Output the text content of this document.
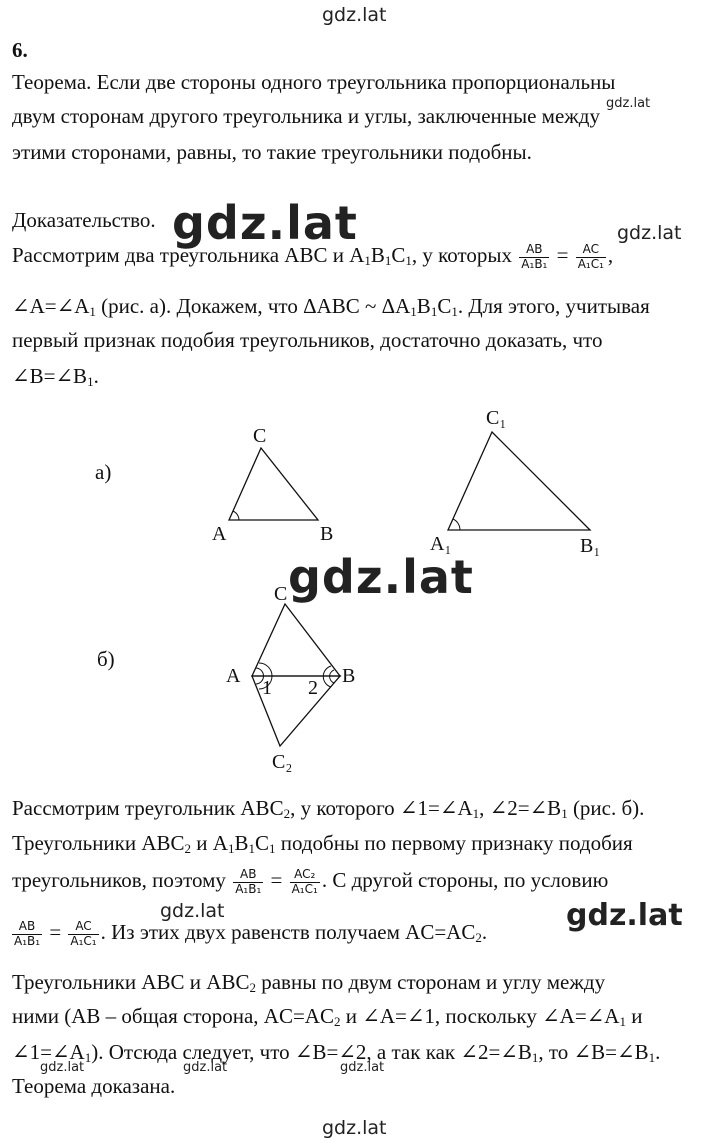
gdz.lat
gdz.lat
gdz.lat	gdz.lat
gdz.lat
gdz.lat	gdz.lat
gdz.lat	gdz.lat	gdz.lat
gdz.lat
6.
Теорема. Если две стороны одного треугольника пропорциональны
двум сторонам другого треугольника и углы, заключенные между
этими сторонами, равны, то такие треугольники подобны.
Доказательство.
Рассмотрим два треугольника ABC и $A_1B_1C_1$, у которых $\frac{AB}{\text{A₁B₁}} = \frac{AC}{\text{A₁C₁}}$ ,
$\angle A=\angle A_1$ (рис. а). Докажем, что ΔABC ~ $\Delta A_1B_1C_1$. Для этого, учитывая
первый признак подобия треугольников, достаточно доказать, что
$\angle B=\angle B_1$.
а)
C
A	B
C₁
A₁	B₁
б)
C
A	B
1 2
C₂
Рассмотрим треугольник $ABC_2$, у которого $\angle 1=\angle A_1$, $\angle 2=\angle B_1$ (рис. б).
Треугольники $ABC_2$ и $A_1B_1C_1$ подобны по первому признаку подобия
треугольников, поэтому $\frac{AB}{\text{A₁B₁}} = \frac{\text{AC₂}}{\text{A₁C₁}}$ . С другой стороны, по условию
$\frac{AB}{\text{A₁B₁}} = \frac{AC}{\text{A₁C₁}}$ . Из этих двух равенств получаем $AC=AC_2$.
Треугольники ABC и $ABC_2$ равны по двум сторонам и углу между
ними (AB – общая сторона, $AC=AC_2$ и ∠A=∠1, поскольку $\angle A=\angle A_1$ и
$\angle 1=\angle A_1$). Отсюда следует, что ∠B=∠2, а так как $\angle 2=\angle B_1$, то $\angle B=\angle B_1$.
Теорема доказана.
